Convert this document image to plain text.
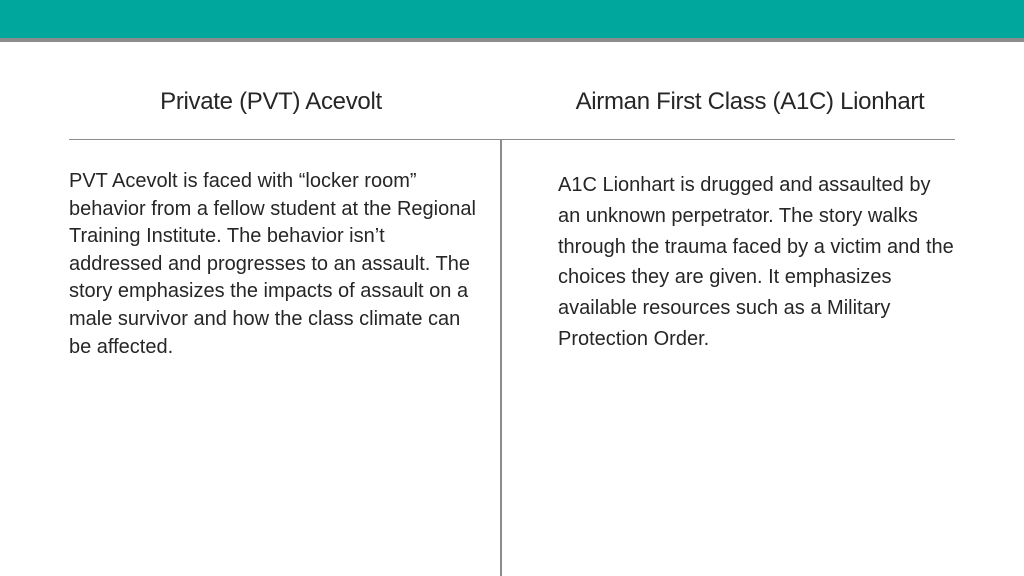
Private (PVT) Acevolt	Airman First Class (A1C) Lionhart

PVT Acevolt is faced with “locker room” behavior from a fellow student at the Regional Training Institute. The behavior isn’t addressed and progresses to an assault. The story emphasizes the impacts of assault on a male survivor and how the class climate can be affected.

A1C Lionhart is drugged and assaulted by an unknown perpetrator. The story walks through the trauma faced by a victim and the choices they are given. It emphasizes available resources such as a Military Protection Order.
